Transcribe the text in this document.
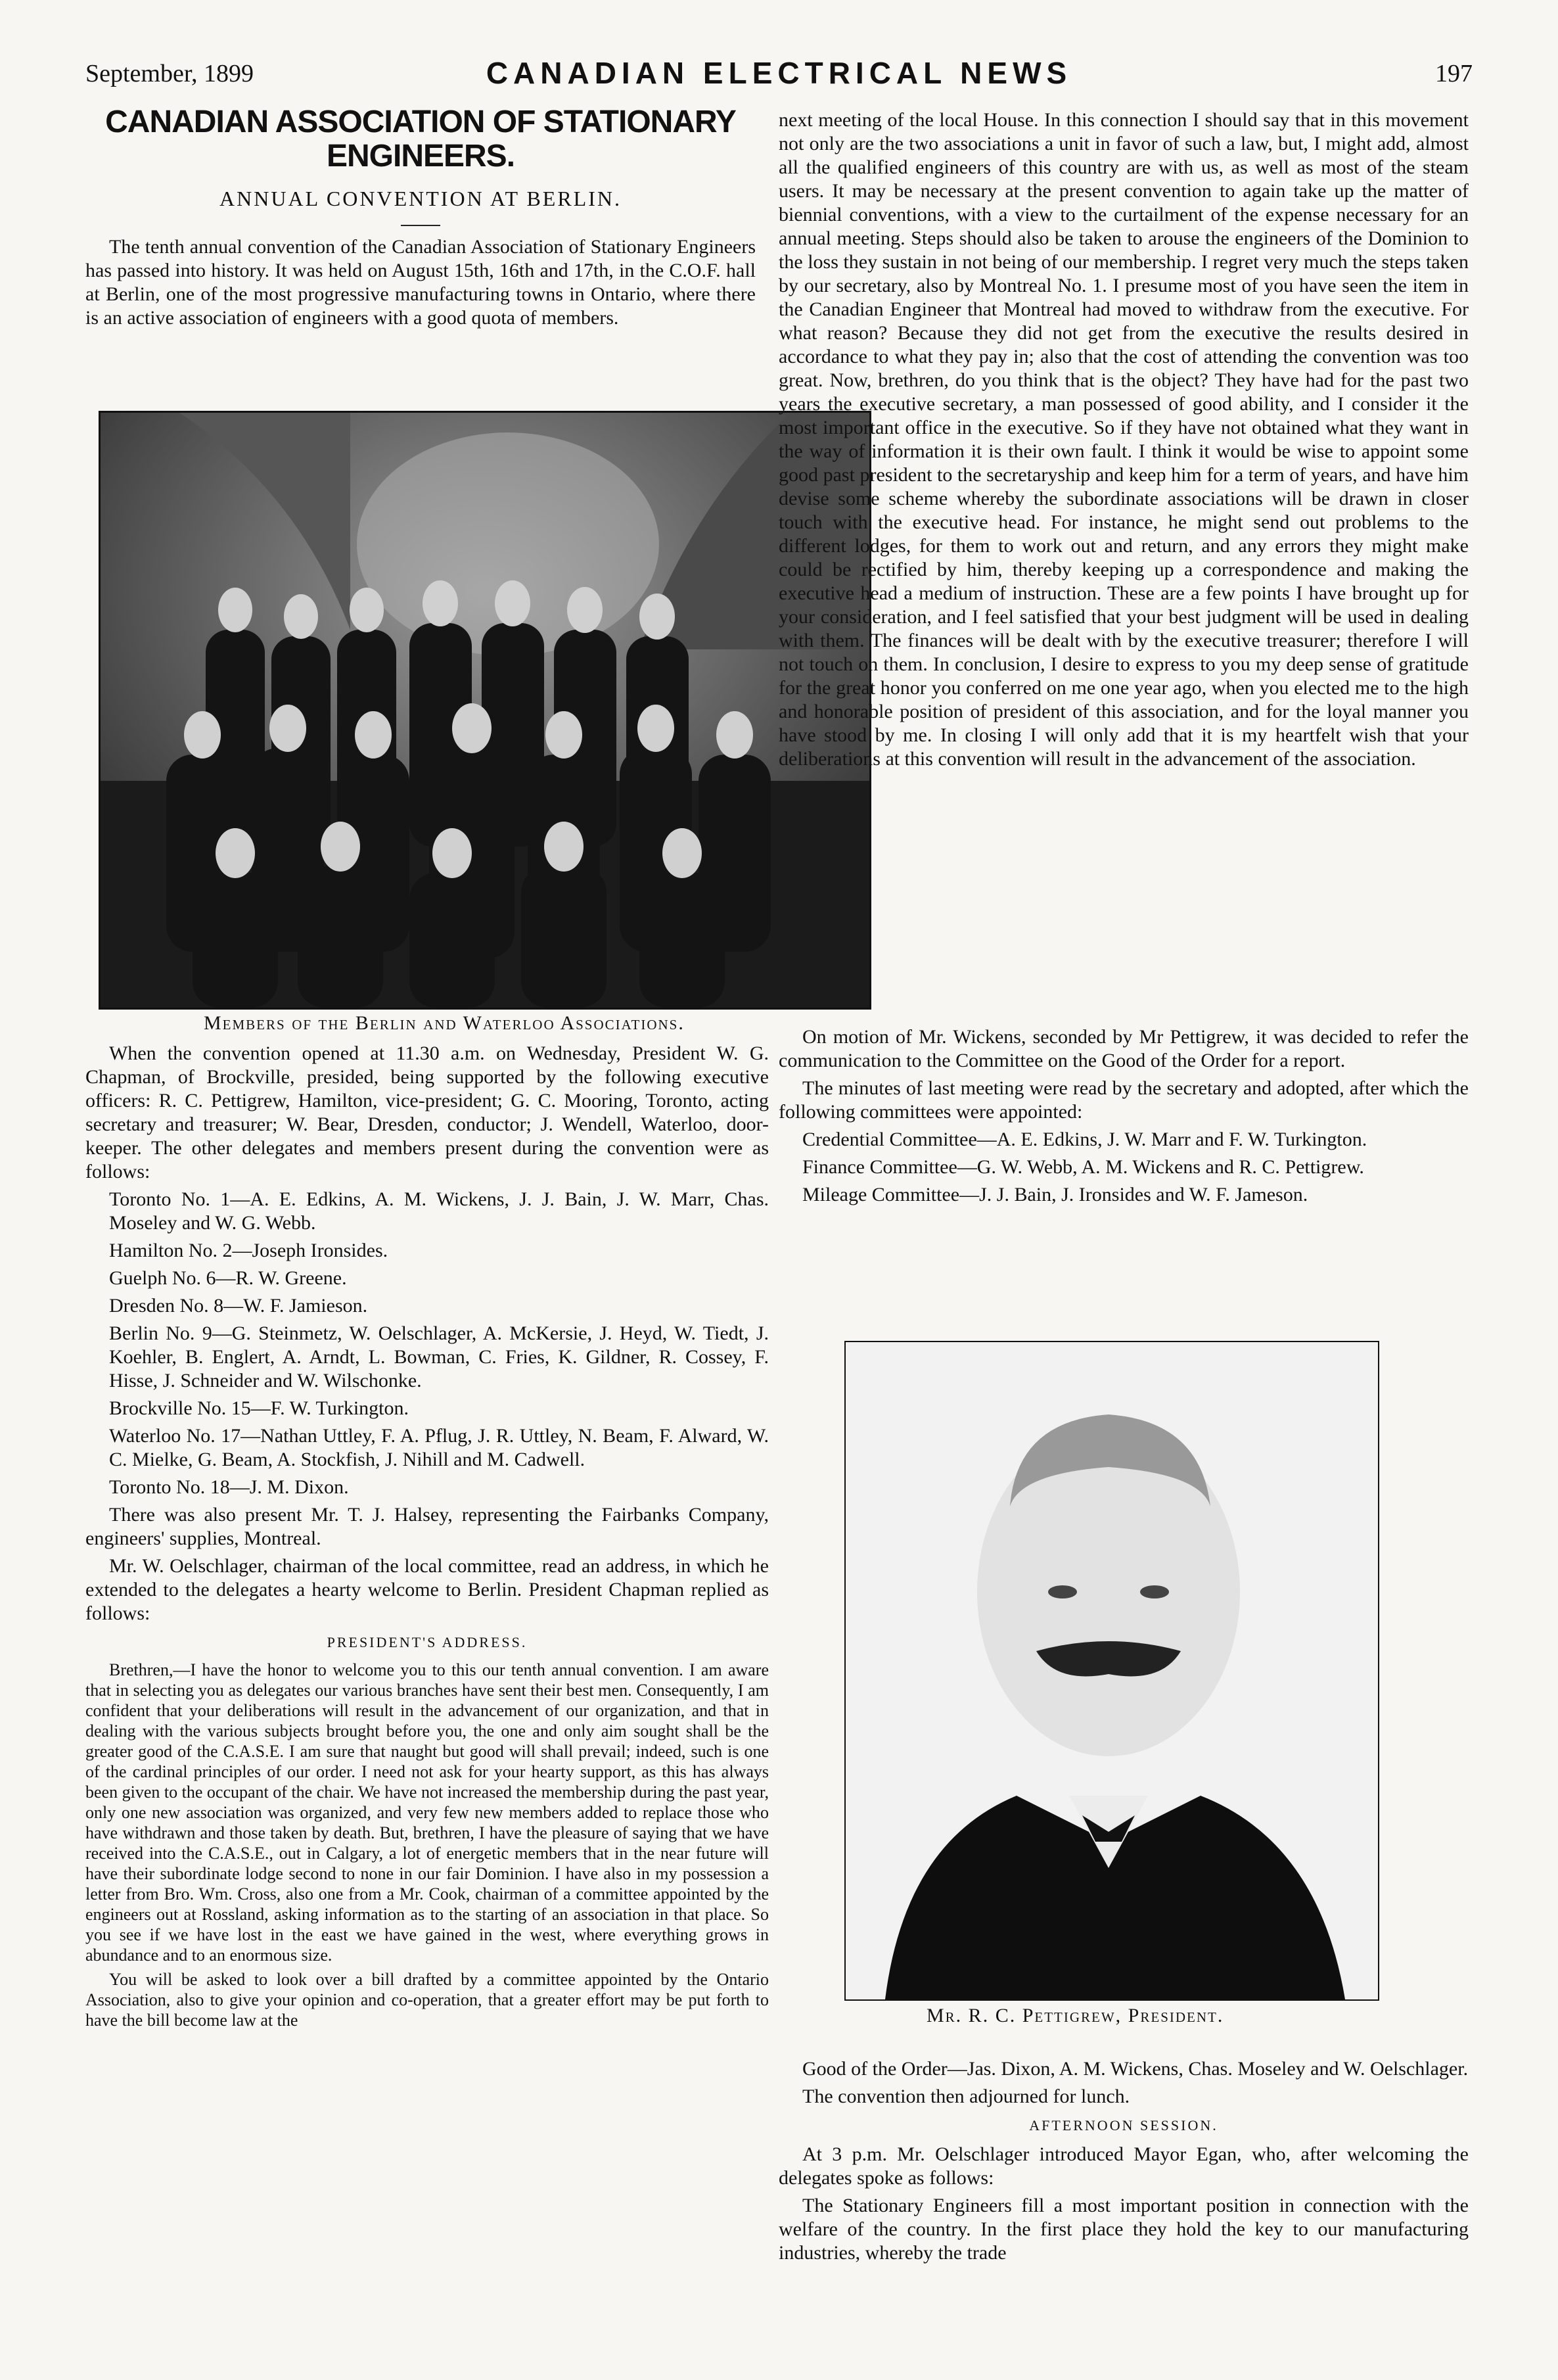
September, 1899	CANADIAN ELECTRICAL NEWS	197
CANADIAN ASSOCIATION OF STATIONARY ENGINEERS.
ANNUAL CONVENTION AT BERLIN.

The tenth annual convention of the Canadian Association of Stationary Engineers has passed into history. It was held on August 15th, 16th and 17th, in the C.O.F. hall at Berlin, one of the most progressive manufacturing towns in Ontario, where there is an active association of engineers with a good quota of members.

Members of the Berlin and Waterloo Associations.

next meeting of the local House. In this connection I should say that in this movement not only are the two associations a unit in favor of such a law, but, I might add, almost all the qualified engineers of this country are with us, as well as most of the steam users. It may be necessary at the present convention to again take up the matter of biennial conventions, with a view to the curtailment of the expense necessary for an annual meeting. Steps should also be taken to arouse the engineers of the Dominion to the loss they sustain in not being of our membership. I regret very much the steps taken by our secretary, also by Montreal No. 1. I presume most of you have seen the item in the Canadian Engineer that Montreal had moved to withdraw from the executive. For what reason? Because they did not get from the executive the results desired in accordance to what they pay in; also that the cost of attending the convention was too great. Now, brethren, do you think that is the object? They have had for the past two years the executive secretary, a man possessed of good ability, and I consider it the most important office in the executive. So if they have not obtained what they want in the way of information it is their own fault. I think it would be wise to appoint some good past president to the secretaryship and keep him for a term of years, and have him devise some scheme whereby the subordinate associations will be drawn in closer touch with the executive head. For instance, he might send out problems to the different lodges, for them to work out and return, and any errors they might make could be rectified by him, thereby keeping up a correspondence and making the executive head a medium of instruction. These are a few points I have brought up for your consideration, and I feel satisfied that your best judgment will be used in dealing with them. The finances will be dealt with by the executive treasurer; therefore I will not touch on them. In conclusion, I desire to express to you my deep sense of gratitude for the great honor you conferred on me one year ago, when you elected me to the high and honorable position of president of this association, and for the loyal manner you have stood by me. In closing I will only add that it is my heartfelt wish that your deliberations at this convention will result in the advancement of the association.

When the convention opened at 11.30 a.m. on Wednesday, President W. G. Chapman, of Brockville, presided, being supported by the following executive officers: R. C. Pettigrew, Hamilton, vice-president; G. C. Mooring, Toronto, acting secretary and treasurer; W. Bear, Dresden, conductor; J. Wendell, Waterloo, door-keeper. The other delegates and members present during the convention were as follows:

Toronto No. 1—A. E. Edkins, A. M. Wickens, J. J. Bain, J. W. Marr, Chas. Moseley and W. G. Webb.

Hamilton No. 2—Joseph Ironsides.

Guelph No. 6—R. W. Greene.

Dresden No. 8—W. F. Jamieson.

Berlin No. 9—G. Steinmetz, W. Oelschlager, A. McKersie, J. Heyd, W. Tiedt, J. Koehler, B. Englert, A. Arndt, L. Bowman, C. Fries, K. Gildner, R. Cossey, F. Hisse, J. Schneider and W. Wilschonke.

Brockville No. 15—F. W. Turkington.

Waterloo No. 17—Nathan Uttley, F. A. Pflug, J. R. Uttley, N. Beam, F. Alward, W. C. Mielke, G. Beam, A. Stockfish, J. Nihill and M. Cadwell.

Toronto No. 18—J. M. Dixon.

There was also present Mr. T. J. Halsey, representing the Fairbanks Company, engineers' supplies, Montreal.

Mr. W. Oelschlager, chairman of the local committee, read an address, in which he extended to the delegates a hearty welcome to Berlin. President Chapman replied as follows:

PRESIDENT'S ADDRESS.

Brethren,—I have the honor to welcome you to this our tenth annual convention. I am aware that in selecting you as delegates our various branches have sent their best men. Consequently, I am confident that your deliberations will result in the advancement of our organization, and that in dealing with the various subjects brought before you, the one and only aim sought shall be the greater good of the C.A.S.E. I am sure that naught but good will shall prevail; indeed, such is one of the cardinal principles of our order. I need not ask for your hearty support, as this has always been given to the occupant of the chair. We have not increased the membership during the past year, only one new association was organized, and very few new members added to replace those who have withdrawn and those taken by death. But, brethren, I have the pleasure of saying that we have received into the C.A.S.E., out in Calgary, a lot of energetic members that in the near future will have their subordinate lodge second to none in our fair Dominion. I have also in my possession a letter from Bro. Wm. Cross, also one from a Mr. Cook, chairman of a committee appointed by the engineers out at Rossland, asking information as to the starting of an association in that place. So you see if we have lost in the east we have gained in the west, where everything grows in abundance and to an enormous size.

You will be asked to look over a bill drafted by a committee appointed by the Ontario Association, also to give your opinion and co-operation, that a greater effort may be put forth to have the bill become law at the

On motion of Mr. Wickens, seconded by Mr Pettigrew, it was decided to refer the communication to the Committee on the Good of the Order for a report.

The minutes of last meeting were read by the secretary and adopted, after which the following committees were appointed:

Credential Committee—A. E. Edkins, J. W. Marr and F. W. Turkington.

Finance Committee—G. W. Webb, A. M. Wickens and R. C. Pettigrew.

Mileage Committee—J. J. Bain, J. Ironsides and W. F. Jameson.

Mr. R. C. Pettigrew, President.

Good of the Order—Jas. Dixon, A. M. Wickens, Chas. Moseley and W. Oelschlager.

The convention then adjourned for lunch.

AFTERNOON SESSION.

At 3 p.m. Mr. Oelschlager introduced Mayor Egan, who, after welcoming the delegates spoke as follows:

The Stationary Engineers fill a most important position in connection with the welfare of the country. In the first place they hold the key to our manufacturing industries, whereby the trade
